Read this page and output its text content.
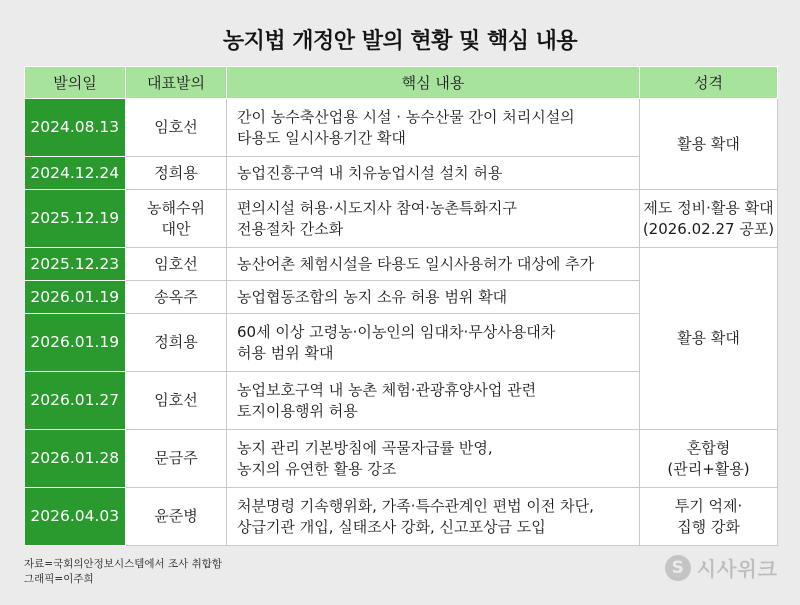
농지법 개정안 발의 현황 및 핵심 내용
발의일	대표발의	핵심 내용	성격
2024.08.13	임호선	간이 농수축산업용 시설 · 농수산물 간이 처리시설의
타용도 일시사용기간 확대	활용 확대

2024.12.24	정희용	농업진흥구역 내 치유농업시설 설치 허용	

2025.12.19	농해수위
대안	편의시설 허용·시도지사 참여·농촌특화지구
전용절차 간소화	제도 정비·활용 확대
(2026.02.27 공포)

2025.12.23	임호선	농산어촌 체험시설을 타용도 일시사용허가 대상에 추가	활용 확대

2026.01.19	송옥주	농업협동조합의 농지 소유 허용 범위 확대	

2026.01.19	정희용	60세 이상 고령농·이농인의 임대차·무상사용대차
허용 범위 확대	

2026.01.27	임호선	농업보호구역 내 농촌 체험·관광휴양사업 관련
토지이용행위 허용	

2026.01.28	문금주	농지 관리 기본방침에 곡물자급률 반영,
농지의 유연한 활용 강조	혼합형
(관리+활용)

2026.04.03	윤준병	처분명령 기속행위화, 가족·특수관계인 편법 이전 차단,
상급기관 개입, 실태조사 강화, 신고포상금 도입	투기 억제·
집행 강화
자료=국회의안정보시스템에서 조사 취합함
그래픽=이주희
S 시사위크
